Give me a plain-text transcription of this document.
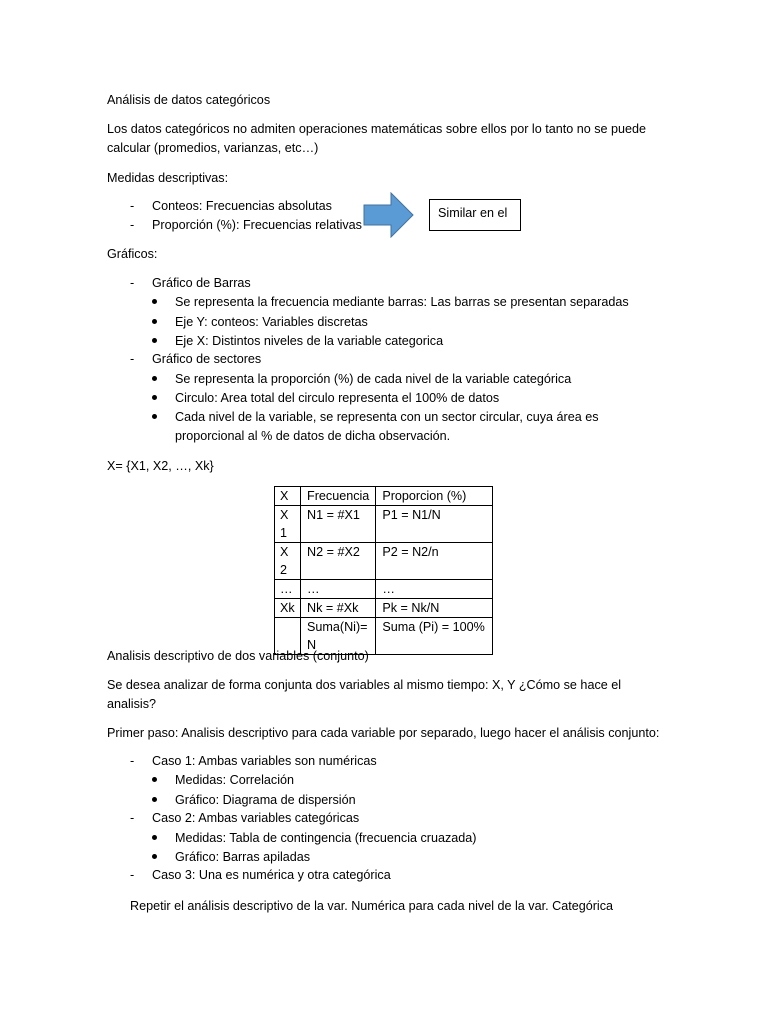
Análisis de datos categóricos
Los datos categóricos no admiten operaciones matemáticas sobre ellos por lo tanto no se puede calcular (promedios, varianzas, etc…)
Medidas descriptivas:
- Conteos: Frecuencias absolutas
- Proporción (%): Frecuencias relativas
Similar en el
Gráficos:
- Gráfico de Barras
Se representa la frecuencia mediante barras: Las barras se presentan separadas
Eje Y: conteos: Variables discretas
Eje X: Distintos niveles de la variable categorica
- Gráfico de sectores
Se representa la proporción (%) de cada nivel de la variable categórica
Circulo: Area total del circulo representa el 100% de datos
Cada nivel de la variable, se representa con un sector circular, cuya área es proporcional al % de datos de dicha observación.
X= {X1, X2, …, Xk}
X	Frecuencia	Proporcion (%)
X 1	N1 = #X1	P1 = N1/N
X 2	N2 = #X2	P2 = N2/n
…	…	…
Xk	Nk = #Xk	Pk = Nk/N
	Suma(Ni)= N	Suma (Pi) = 100%
Analisis descriptivo de dos variables (conjunto)
Se desea analizar de forma conjunta dos variables al mismo tiempo: X, Y ¿Cómo se hace el analisis?
Primer paso: Analisis descriptivo para cada variable por separado, luego hacer el análisis conjunto:
- Caso 1: Ambas variables son numéricas
Medidas: Correlación
Gráfico: Diagrama de dispersión
- Caso 2: Ambas variables categóricas
Medidas: Tabla de contingencia (frecuencia cruazada)
Gráfico: Barras apiladas
- Caso 3: Una es numérica y otra categórica
Repetir el análisis descriptivo de la var. Numérica para cada nivel de la var. Categórica
